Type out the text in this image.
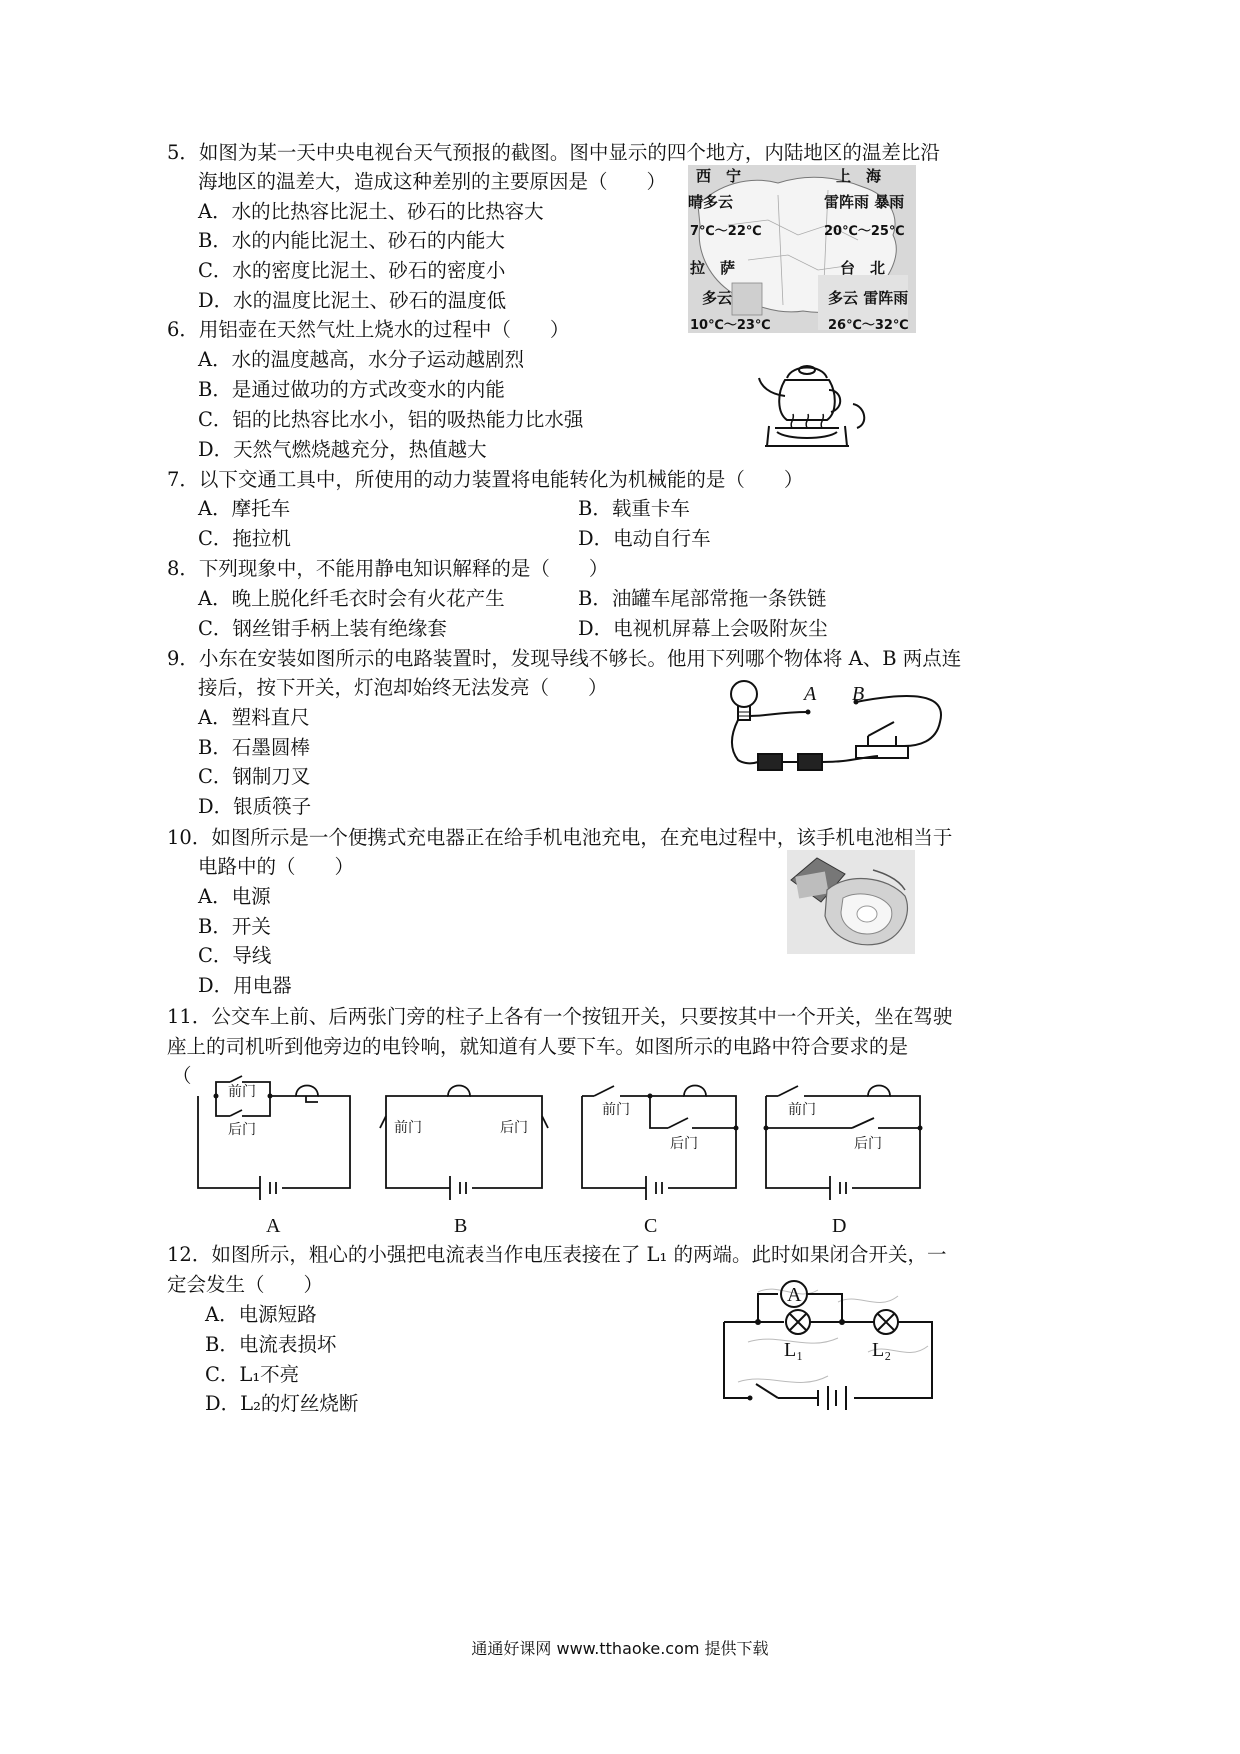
5．如图为某一天中央电视台天气预报的截图。图中显示的四个地方，内陆地区的温差比沿
海地区的温差大，造成这种差别的主要原因是（　　）
A．水的比热容比泥土、砂石的比热容大
B．水的内能比泥土、砂石的内能大
C．水的密度比泥土、砂石的密度小
D．水的温度比泥土、砂石的温度低
西　宁
晴多云
7℃～22℃
上　海
雷阵雨 暴雨
20℃～25℃
拉　萨
多云
10℃～23℃
台　北
多云 雷阵雨
26℃～32℃
6．用铝壶在天然气灶上烧水的过程中（　　）
A．水的温度越高，水分子运动越剧烈
B．是通过做功的方式改变水的内能
C．铝的比热容比水小，铝的吸热能力比水强
D．天然气燃烧越充分，热值越大
7．以下交通工具中，所使用的动力装置将电能转化为机械能的是（　　）
A．摩托车	B．载重卡车
C．拖拉机	D．电动自行车
8．下列现象中，不能用静电知识解释的是（　　）
A．晚上脱化纤毛衣时会有火花产生	B．油罐车尾部常拖一条铁链
C．钢丝钳手柄上装有绝缘套	D．电视机屏幕上会吸附灰尘
9．小东在安装如图所示的电路装置时，发现导线不够长。他用下列哪个物体将 A、B 两点连
接后，按下开关，灯泡却始终无法发亮（　　）
A．塑料直尺
B．石墨圆棒
C．钢制刀叉
D．银质筷子
A B
10．如图所示是一个便携式充电器正在给手机电池充电，在充电过程中，该手机电池相当于
电路中的（　　）
A．电源
B．开关
C．导线
D．用电器
11．公交车上前、后两张门旁的柱子上各有一个按钮开关，只要按其中一个开关，坐在驾驶
座上的司机听到他旁边的电铃响，就知道有人要下车。如图所示的电路中符合要求的是
（
前门
后门	前门	后门
前门
后门
前门
后门
A	B	C	D
12．如图所示，粗心的小强把电流表当作电压表接在了 L₁ 的两端。此时如果闭合开关，一
定会发生（　　）
A．电源短路
B．电流表损坏
C．L₁不亮
D．L₂的灯丝烧断
A
L₁	L₂
通通好课网 www.tthaoke.com 提供下载
